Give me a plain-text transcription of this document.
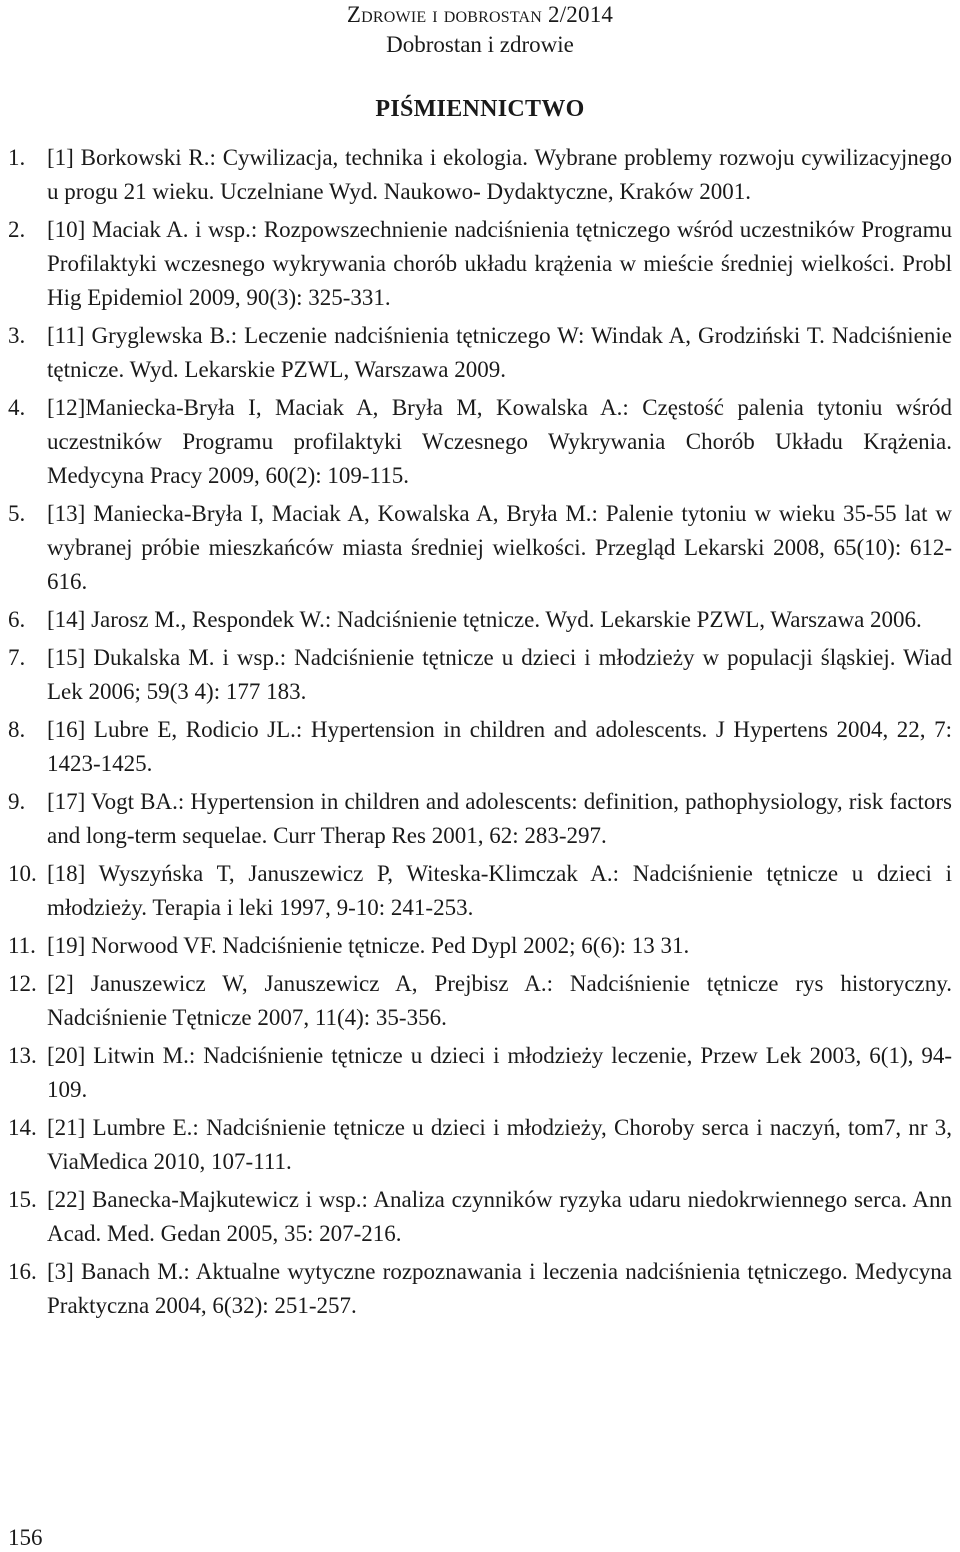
Zdrowie i dobrostan 2/2014
Dobrostan i zdrowie
PIŚMIENNICTWO
1. [1] Borkowski R.: Cywilizacja, technika i ekologia. Wybrane problemy rozwoju cywilizacyjnego u progu 21 wieku. Uczelniane Wyd. Naukowo- Dydaktyczne, Kraków 2001.
2. [10] Maciak A. i wsp.: Rozpowszechnienie nadciśnienia tętniczego wśród uczestników Programu Profilaktyki wczesnego wykrywania chorób układu krążenia w mieście średniej wielkości. Probl Hig Epidemiol 2009, 90(3): 325-331.
3. [11] Gryglewska B.: Leczenie nadciśnienia tętniczego W: Windak A, Grodziński T. Nadciśnienie tętnicze. Wyd. Lekarskie PZWL, Warszawa 2009.
4. [12]Maniecka-Bryła I, Maciak A, Bryła M, Kowalska A.: Częstość palenia tytoniu wśród uczestników Programu profilaktyki Wczesnego Wykrywania Chorób Układu Krążenia. Medycyna Pracy 2009, 60(2): 109-115.
5. [13] Maniecka-Bryła I, Maciak A, Kowalska A, Bryła M.: Palenie tytoniu w wieku 35-55 lat w wybranej próbie mieszkańców miasta średniej wielkości. Przegląd Lekarski 2008, 65(10): 612-616.
6. [14] Jarosz M., Respondek W.: Nadciśnienie tętnicze. Wyd. Lekarskie PZWL, Warszawa 2006.
7. [15] Dukalska M. i wsp.: Nadciśnienie tętnicze u dzieci i młodzieży w populacji śląskiej. Wiad Lek 2006; 59(3 4): 177 183.
8. [16] Lubre E, Rodicio JL.: Hypertension in children and adolescents. J Hypertens 2004, 22, 7: 1423-1425.
9. [17] Vogt BA.: Hypertension in children and adolescents: definition, pathophysiology, risk factors and long-term sequelae. Curr Therap Res 2001, 62: 283-297.
10. [18] Wyszyńska T, Januszewicz P, Witeska-Klimczak A.: Nadciśnienie tętnicze u dzieci i młodzieży. Terapia i leki 1997, 9-10: 241-253.
11. [19] Norwood VF. Nadciśnienie tętnicze. Ped Dypl 2002; 6(6): 13 31.
12. [2] Januszewicz W, Januszewicz A, Prejbisz A.: Nadciśnienie tętnicze rys historyczny. Nadciśnienie Tętnicze 2007, 11(4): 35-356.
13. [20] Litwin M.: Nadciśnienie tętnicze u dzieci i młodzieży leczenie, Przew Lek 2003, 6(1), 94-109.
14. [21] Lumbre E.: Nadciśnienie tętnicze u dzieci i młodzieży, Choroby serca i naczyń, tom7, nr 3, ViaMedica 2010, 107-111.
15. [22] Banecka-Majkutewicz i wsp.: Analiza czynników ryzyka udaru niedokrwiennego serca. Ann Acad. Med. Gedan 2005, 35: 207-216.
16. [3] Banach M.: Aktualne wytyczne rozpoznawania i leczenia nadciśnienia tętniczego. Medycyna Praktyczna 2004, 6(32): 251-257.
156
